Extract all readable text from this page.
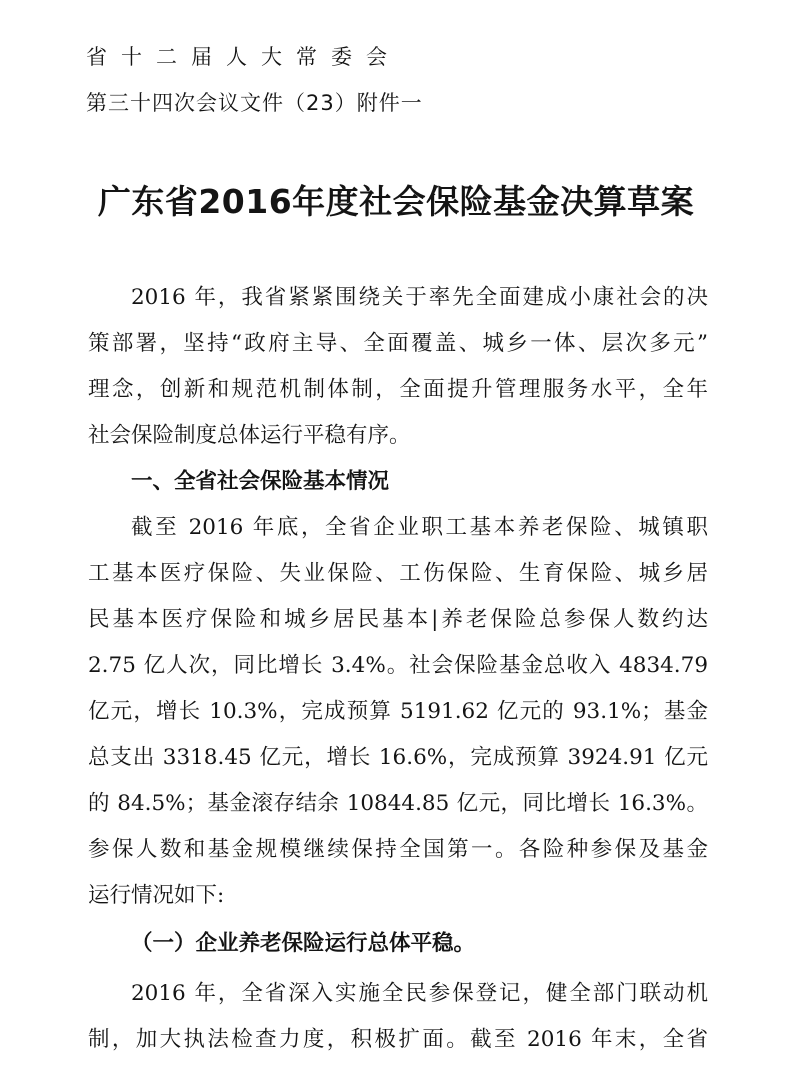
省十二届人大常委会
第三十四次会议文件（23）附件一
广东省2016年度社会保险基金决算草案
2016 年，我省紧紧围绕关于率先全面建成小康社会的决
策部署，坚持“政府主导、全面覆盖、城乡一体、层次多元”
理念，创新和规范机制体制，全面提升管理服务水平，全年
社会保险制度总体运行平稳有序。
一、全省社会保险基本情况
截至 2016 年底，全省企业职工基本养老保险、城镇职
工基本医疗保险、失业保险、工伤保险、生育保险、城乡居
民基本医疗保险和城乡居民基本|养老保险总参保人数约达
2.75 亿人次，同比增长 3.4%。社会保险基金总收入 4834.79
亿元，增长 10.3%，完成预算 5191.62 亿元的 93.1%；基金
总支出 3318.45 亿元，增长 16.6%，完成预算 3924.91 亿元
的 84.5%；基金滚存结余 10844.85 亿元，同比增长 16.3%。
参保人数和基金规模继续保持全国第一。各险种参保及基金
运行情况如下:
（一）企业养老保险运行总体平稳。
2016 年，全省深入实施全民参保登记，健全部门联动机
制，加大执法检查力度，积极扩面。截至 2016 年末，全省
